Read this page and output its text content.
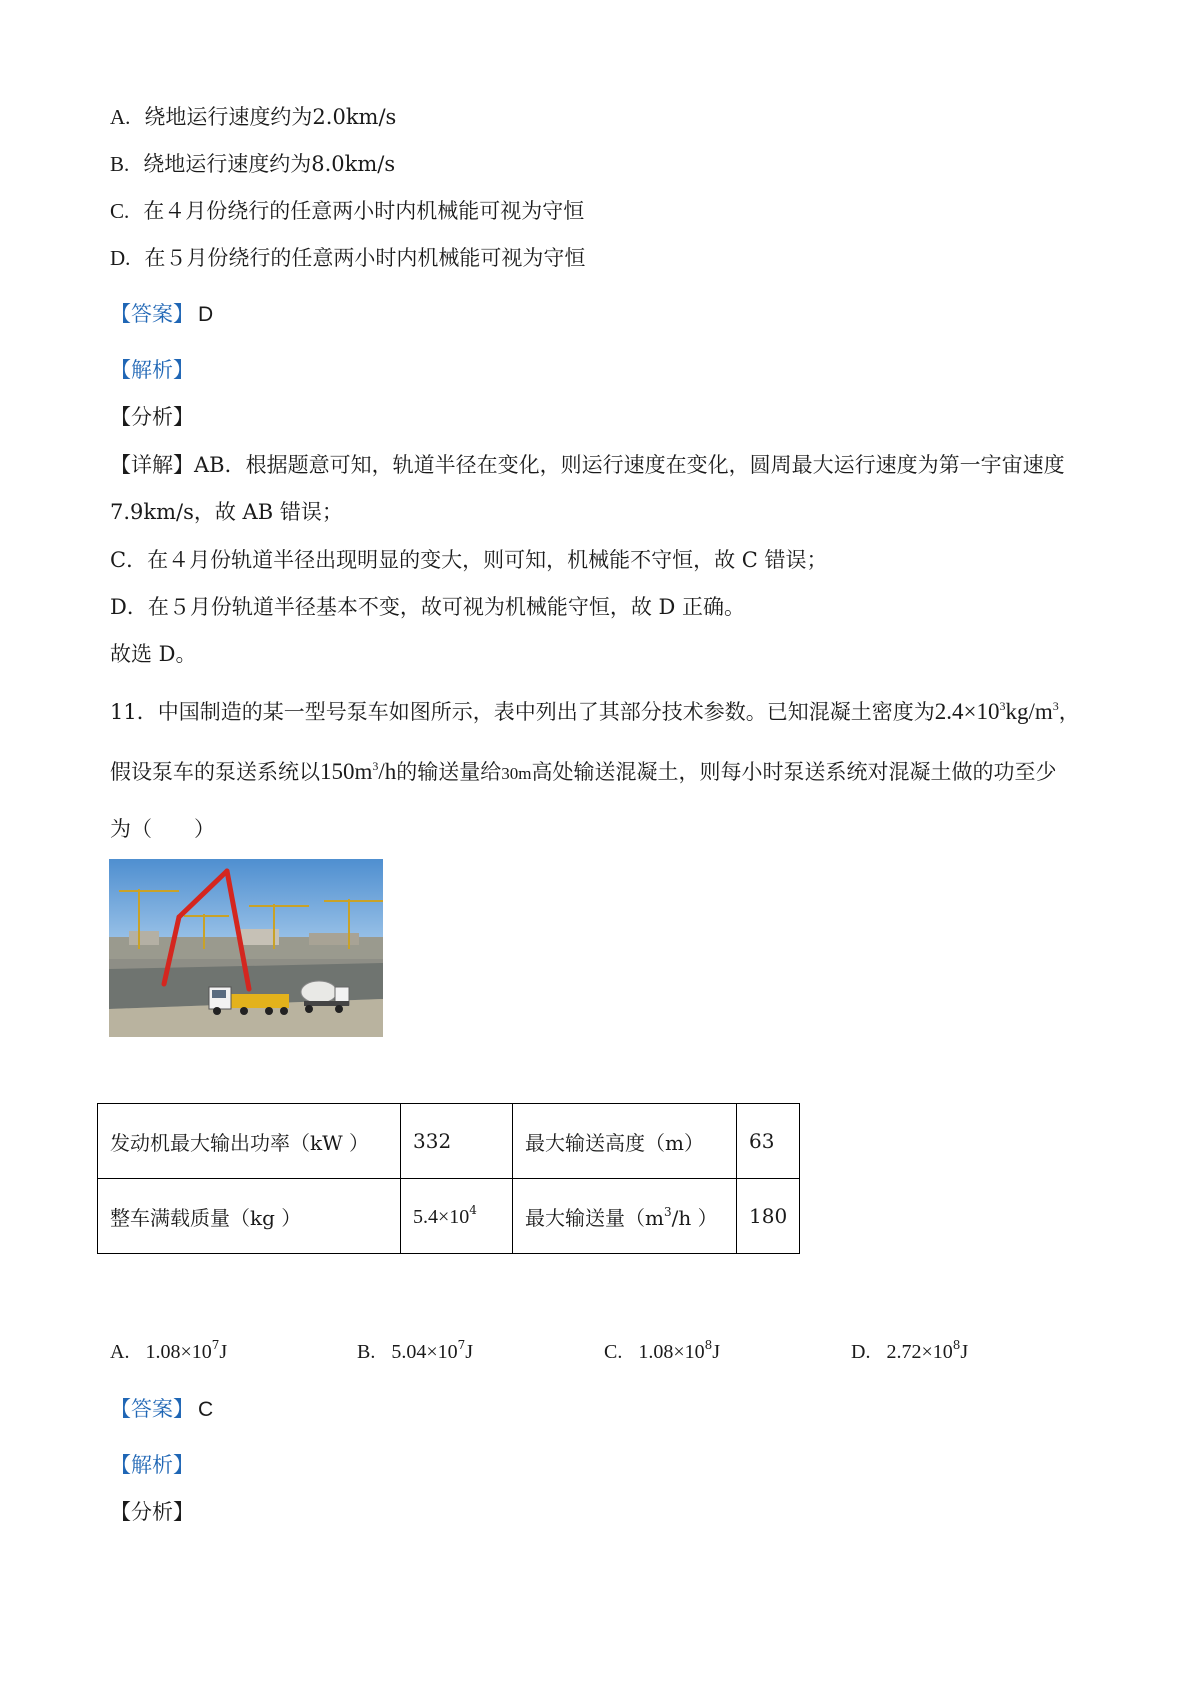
A. 绕地运行速度约为2.0km/s
B. 绕地运行速度约为8.0km/s
C. 在４月份绕行的任意两小时内机械能可视为守恒
D. 在５月份绕行的任意两小时内机械能可视为守恒
【答案】 D
【解析】
【分析】
【详解】AB．根据题意可知，轨道半径在变化，则运行速度在变化，圆周最大运行速度为第一宇宙速度
7.9km/s，故 AB 错误；
C．在４月份轨道半径出现明显的变大，则可知，机械能不守恒，故 C 错误；
D．在５月份轨道半径基本不变，故可视为机械能守恒，故 D 正确。
故选 D。
11．中国制造的某一型号泵车如图所示，表中列出了其部分技术参数。已知混凝土密度为$2.4\times 10^3kg/m^3$，
假设泵车的泵送系统以$150m^3/h$的输送量给30m高处输送混凝土，则每小时泵送系统对混凝土做的功至少
为（　　）
发动机最大输出功率（kW ）	332	最大输送高度（m）	63
整车满载质量（kg ）	$5.4\times 10^4$	最大输送量（$m^3/h$ ）	180
A. $1.08\times 10^7J$	B. $5.04\times 10^7J$	C. $1.08\times 10^8J$	D. $2.72\times 10^8J$
【答案】 C
【解析】
【分析】
